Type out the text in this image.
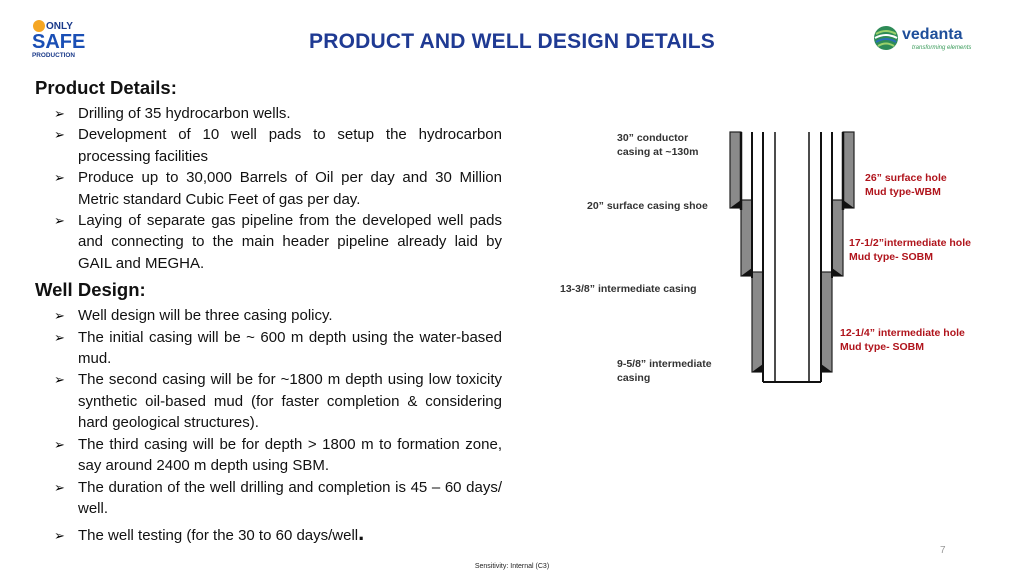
ONLY
SAFE
PRODUCTION
PRODUCT AND WELL DESIGN DETAILS	vedanta
transforming elements
Product Details:
➢ Drilling of 35 hydrocarbon wells.
➢ Development of 10 well pads to setup the hydrocarbon processing facilities
➢ Produce up to 30,000 Barrels of Oil per day and 30 Million Metric standard Cubic Feet of gas per day.
➢ Laying of separate gas pipeline from the developed well pads and connecting to the main header pipeline already laid by GAIL and MEGHA.
Well Design:
➢ Well design will be three casing policy.
➢ The initial casing will be ~ 600 m depth using the water-based mud.
➢ The second casing will be for ~1800 m depth using low toxicity synthetic oil-based mud (for faster completion & considering hard geological structures).
➢ The third casing will be for depth > 1800 m to formation zone, say around 2400 m depth using SBM.
➢ The duration of the well drilling and completion is 45 – 60 days/ well.
➢ The well testing (for the 30 to 60 days/well.
30” conductor
casing at ~130m
20” surface casing shoe
13-3/8” intermediate casing
9-5/8” intermediate
casing
26” surface hole
Mud type-WBM
17-1/2”intermediate hole
Mud type- SOBM
12-1/4” intermediate hole
Mud type- SOBM
7
Sensitivity: Internal (C3)
